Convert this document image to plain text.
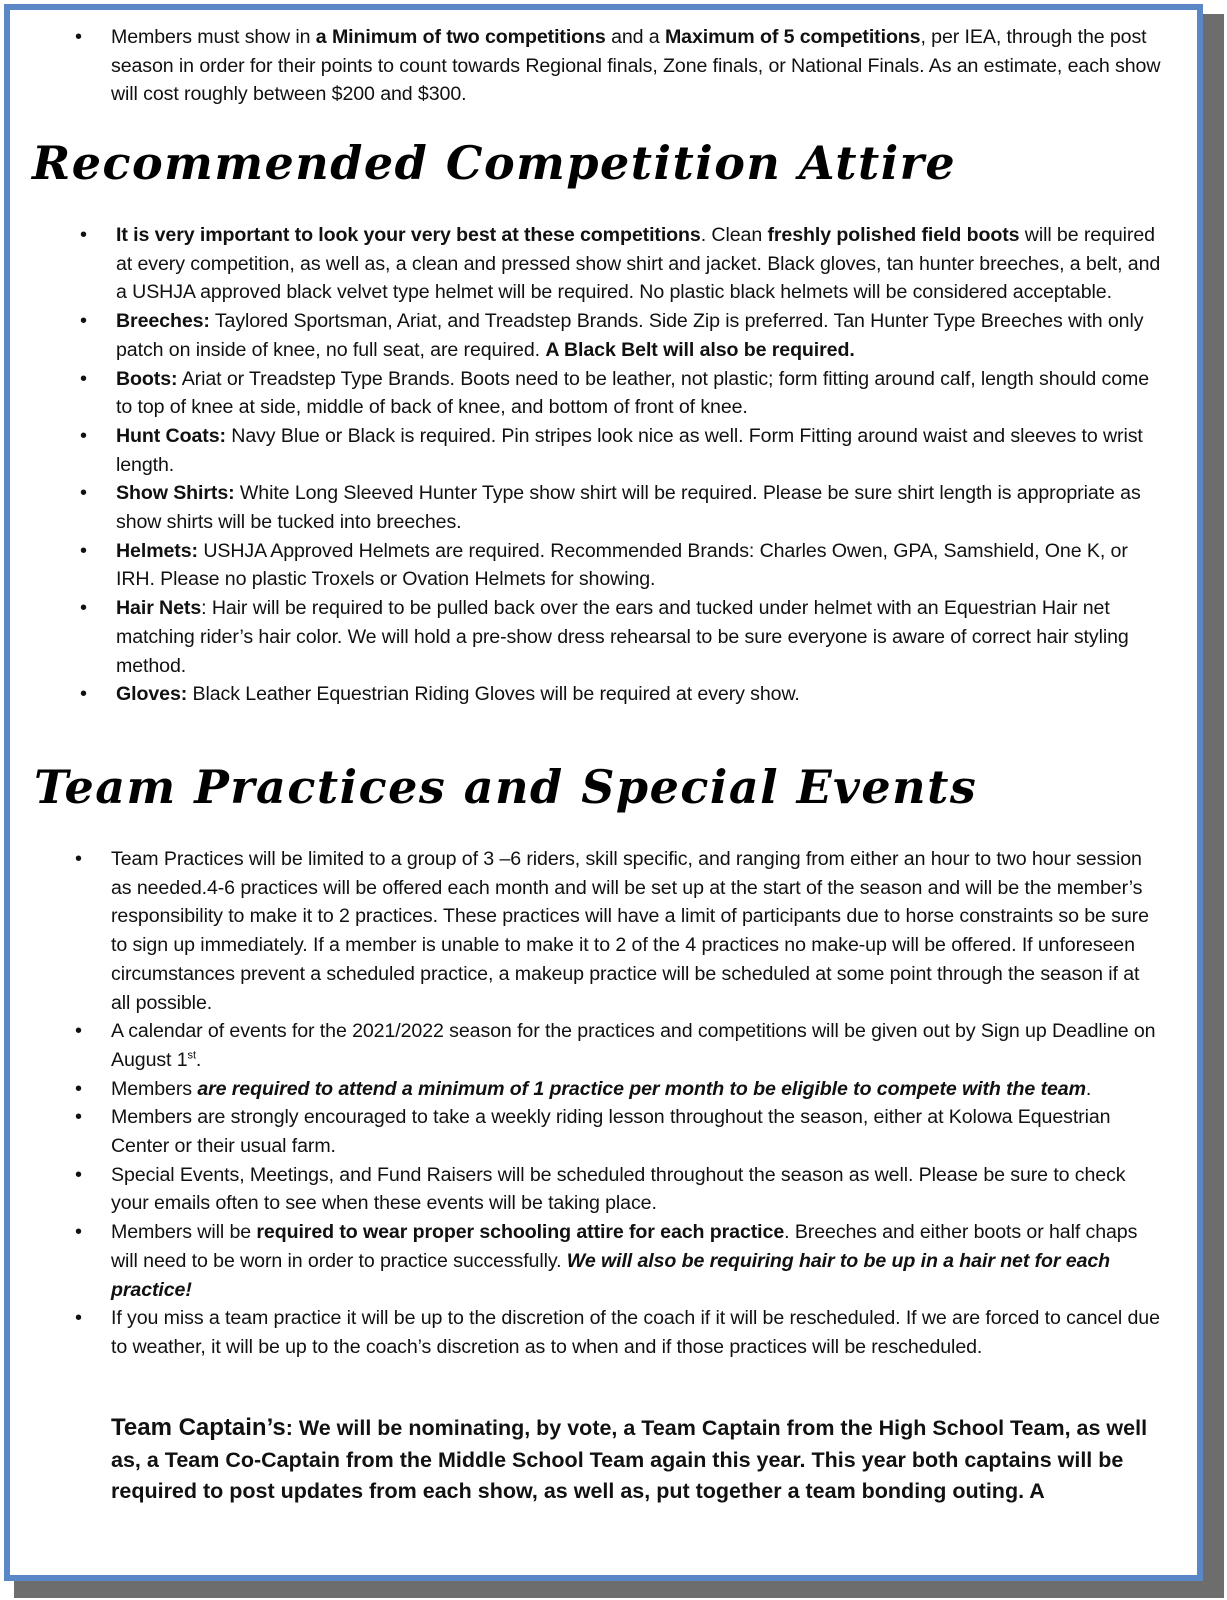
• Members must show in a Minimum of two competitions and a Maximum of 5 competitions, per IEA, through the post season in order for their points to count towards Regional finals, Zone finals, or National Finals. As an estimate, each show will cost roughly between $200 and $300.
Recommended Competition Attire
• It is very important to look your very best at these competitions. Clean freshly polished field boots will be required at every competition, as well as, a clean and pressed show shirt and jacket. Black gloves, tan hunter breeches, a belt, and a USHJA approved black velvet type helmet will be required. No plastic black helmets will be considered acceptable.
• Breeches: Taylored Sportsman, Ariat, and Treadstep Brands. Side Zip is preferred. Tan Hunter Type Breeches with only patch on inside of knee, no full seat, are required. A Black Belt will also be required.
• Boots: Ariat or Treadstep Type Brands. Boots need to be leather, not plastic; form fitting around calf, length should come to top of knee at side, middle of back of knee, and bottom of front of knee.
• Hunt Coats: Navy Blue or Black is required. Pin stripes look nice as well. Form Fitting around waist and sleeves to wrist length.
• Show Shirts: White Long Sleeved Hunter Type show shirt will be required. Please be sure shirt length is appropriate as show shirts will be tucked into breeches.
• Helmets: USHJA Approved Helmets are required. Recommended Brands: Charles Owen, GPA, Samshield, One K, or IRH. Please no plastic Troxels or Ovation Helmets for showing.
• Hair Nets: Hair will be required to be pulled back over the ears and tucked under helmet with an Equestrian Hair net matching rider’s hair color. We will hold a pre-show dress rehearsal to be sure everyone is aware of correct hair styling method.
• Gloves: Black Leather Equestrian Riding Gloves will be required at every show.
Team Practices and Special Events
• Team Practices will be limited to a group of 3 –6 riders, skill specific, and ranging from either an hour to two hour session as needed.4-6 practices will be offered each month and will be set up at the start of the season and will be the member’s responsibility to make it to 2 practices. These practices will have a limit of participants due to horse constraints so be sure to sign up immediately. If a member is unable to make it to 2 of the 4 practices no make-up will be offered. If unforeseen circumstances prevent a scheduled practice, a makeup practice will be scheduled at some point through the season if at all possible.
• A calendar of events for the 2021/2022 season for the practices and competitions will be given out by Sign up Deadline on August 1st.
• Members are required to attend a minimum of 1 practice per month to be eligible to compete with the team.
• Members are strongly encouraged to take a weekly riding lesson throughout the season, either at Kolowa Equestrian Center or their usual farm.
• Special Events, Meetings, and Fund Raisers will be scheduled throughout the season as well. Please be sure to check your emails often to see when these events will be taking place.
• Members will be required to wear proper schooling attire for each practice. Breeches and either boots or half chaps will need to be worn in order to practice successfully. We will also be requiring hair to be up in a hair net for each practice!
• If you miss a team practice it will be up to the discretion of the coach if it will be rescheduled. If we are forced to cancel due to weather, it will be up to the coach’s discretion as to when and if those practices will be rescheduled.
Team Captain’s: We will be nominating, by vote, a Team Captain from the High School Team, as well as, a Team Co-Captain from the Middle School Team again this year. This year both captains will be required to post updates from each show, as well as, put together a team bonding outing. A
